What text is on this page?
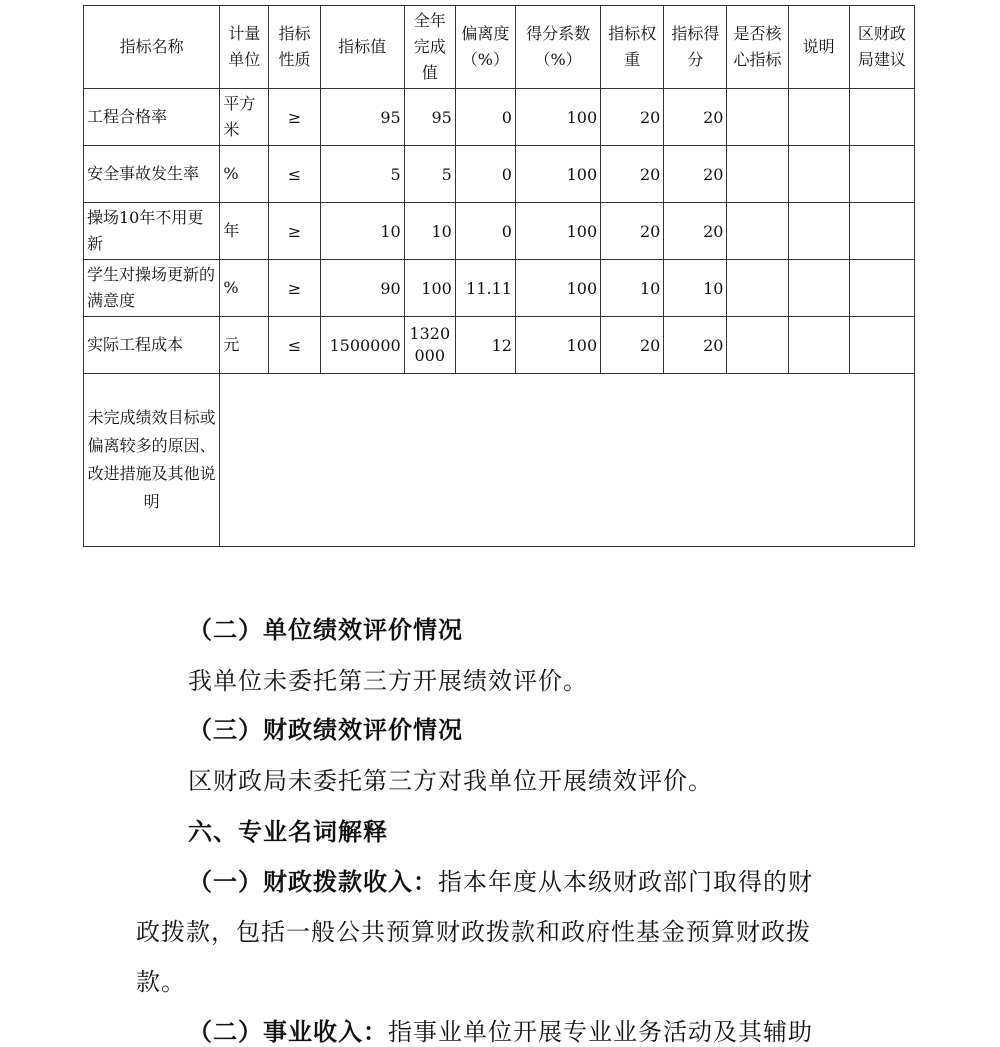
指标名称	计量单位	指标性质	指标值	全年完成值	偏离度（%）	得分系数（%）	指标权重	指标得分	是否核心指标	说明	区财政局建议
工程合格率	平方米	≥	95	95	0	100	20	20			
安全事故发生率	%	≤	5	5	0	100	20	20			
操场10年不用更新	年	≥	10	10	0	100	20	20			
学生对操场更新的满意度	%	≥	90	100	11.11	100	10	10			
实际工程成本	元	≤	1500000	1320000	12	100	20	20			
未完成绩效目标或偏离较多的原因、改进措施及其他说明											
（二）单位绩效评价情况
我单位未委托第三方开展绩效评价。
（三）财政绩效评价情况
区财政局未委托第三方对我单位开展绩效评价。
六、专业名词解释
（一）财政拨款收入：指本年度从本级财政部门取得的财
政拨款，包括一般公共预算财政拨款和政府性基金预算财政拨
款。
（二）事业收入：指事业单位开展专业业务活动及其辅助
